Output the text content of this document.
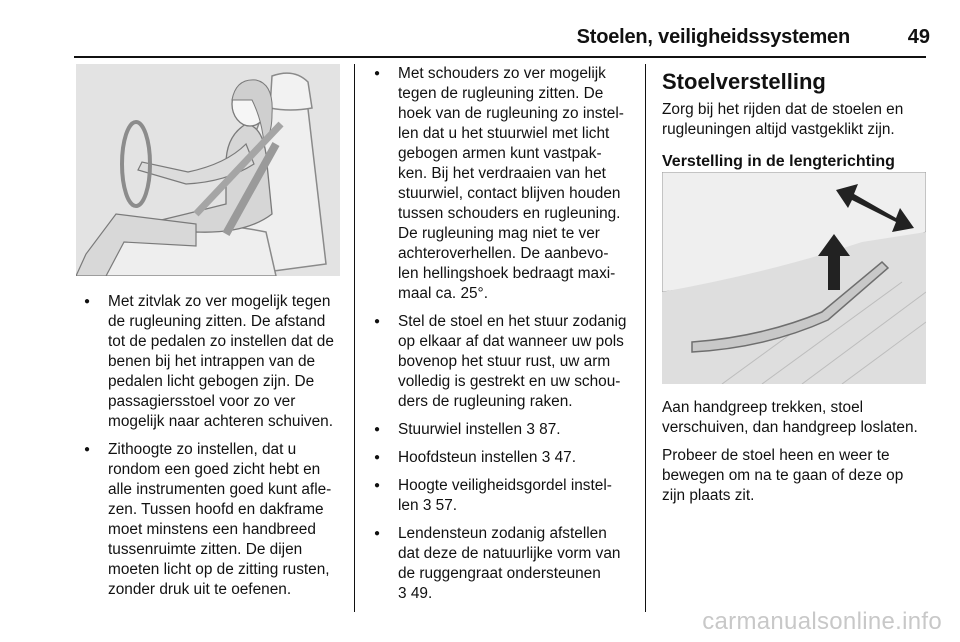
Stoelen, veiligheidssystemen	49
● Met zitvlak zo ver mogelijk tegen
de rugleuning zitten. De afstand
tot de pedalen zo instellen dat de
benen bij het intrappen van de
pedalen licht gebogen zijn. De
passagiersstoel voor zo ver
mogelijk naar achteren schuiven.
● Zithoogte zo instellen, dat u
rondom een goed zicht hebt en
alle instrumenten goed kunt afle-
zen. Tussen hoofd en dakframe
moet minstens een handbreed
tussenruimte zitten. De dijen
moeten licht op de zitting rusten,
zonder druk uit te oefenen.
● Met schouders zo ver mogelijk
tegen de rugleuning zitten. De
hoek van de rugleuning zo instel-
len dat u het stuurwiel met licht
gebogen armen kunt vastpak-
ken. Bij het verdraaien van het
stuurwiel, contact blijven houden
tussen schouders en rugleuning.
De rugleuning mag niet te ver
achteroverhellen. De aanbevo-
len hellingshoek bedraagt maxi-
maal ca. 25°.
● Stel de stoel en het stuur zodanig
op elkaar af dat wanneer uw pols
bovenop het stuur rust, uw arm
volledig is gestrekt en uw schou-
ders de rugleuning raken.
● Stuurwiel instellen 3 87.
● Hoofdsteun instellen 3 47.
● Hoogte veiligheidsgordel instel-
len 3 57.
● Lendensteun zodanig afstellen
dat deze de natuurlijke vorm van
de ruggengraat ondersteunen
3 49.
Stoelverstelling
Zorg bij het rijden dat de stoelen en
rugleuningen altijd vastgeklikt zijn.
Verstelling in de lengterichting
Aan handgreep trekken, stoel
verschuiven, dan handgreep loslaten.
Probeer de stoel heen en weer te
bewegen om na te gaan of deze op
zijn plaats zit.
carmanualsonline.info
